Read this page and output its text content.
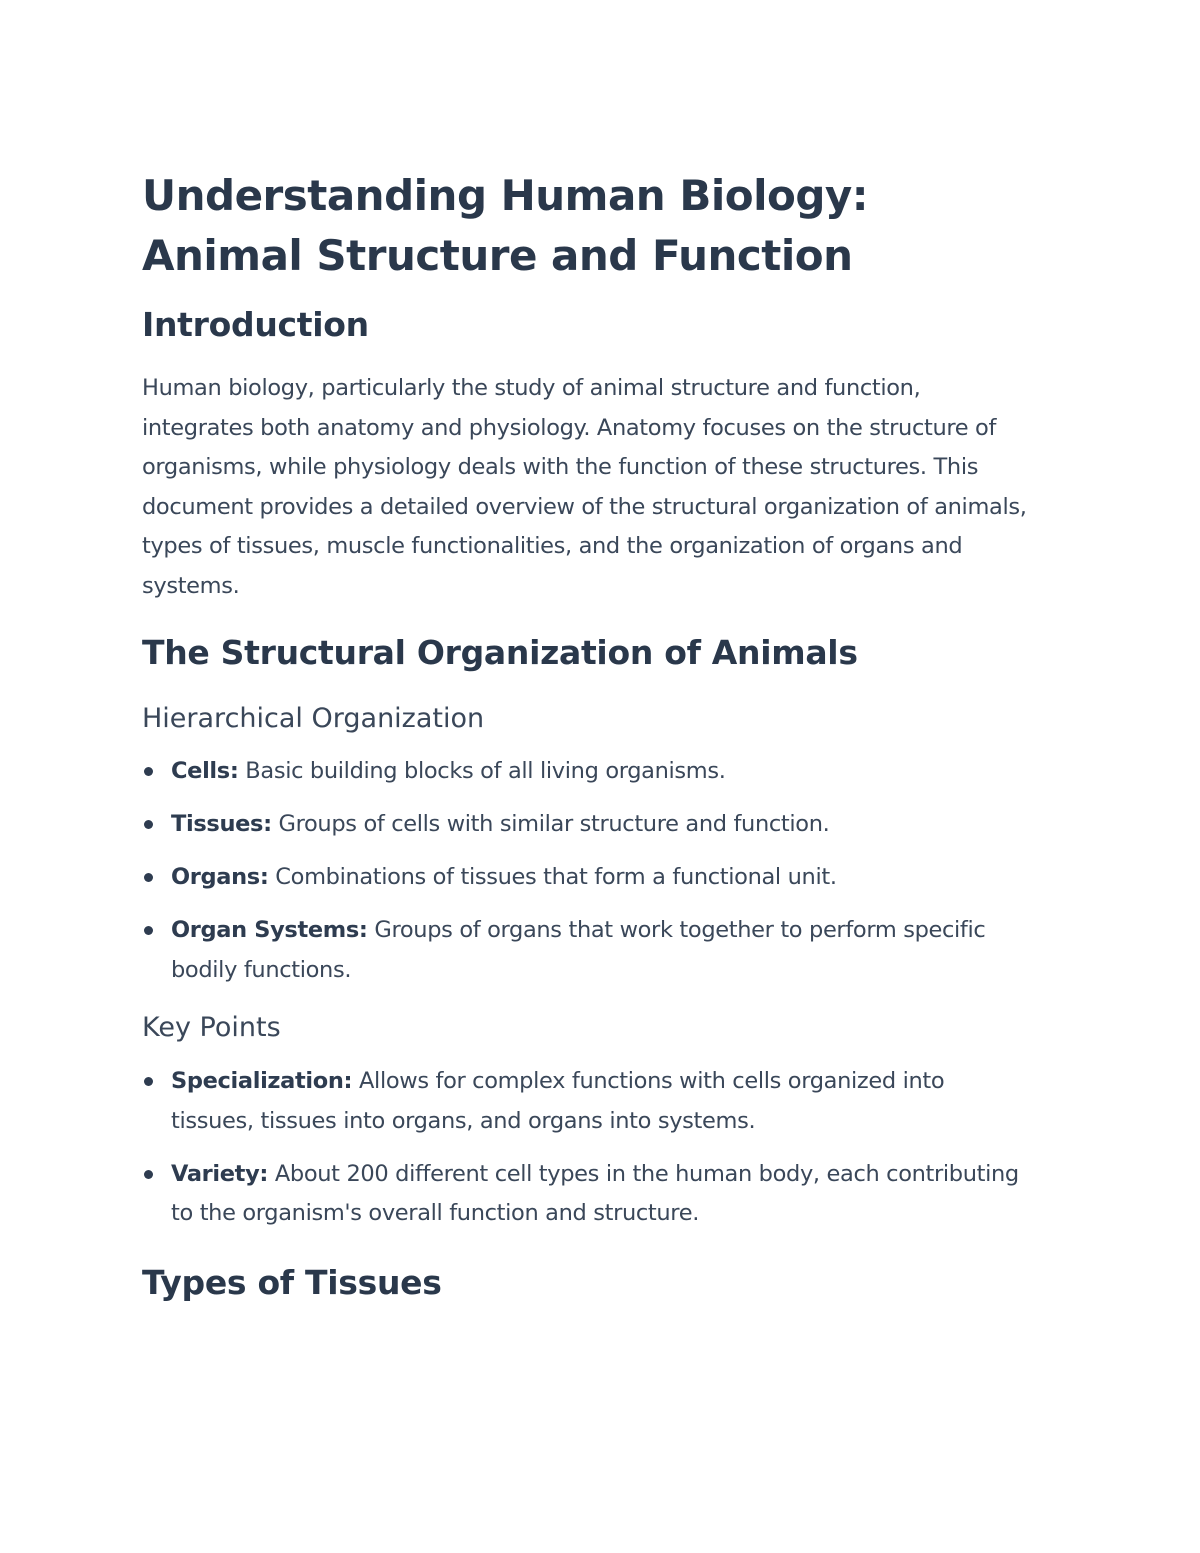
Understanding Human Biology: Animal Structure and Function
Introduction

Human biology, particularly the study of animal structure and function, integrates both anatomy and physiology. Anatomy focuses on the structure of organisms, while physiology deals with the function of these structures. This document provides a detailed overview of the structural organization of animals, types of tissues, muscle functionalities, and the organization of organs and systems.

The Structural Organization of Animals
Hierarchical Organization
Cells: Basic building blocks of all living organisms.
Tissues: Groups of cells with similar structure and function.
Organs: Combinations of tissues that form a functional unit.
Organ Systems: Groups of organs that work together to perform specific bodily functions.
Key Points
Specialization: Allows for complex functions with cells organized into tissues, tissues into organs, and organs into systems.
Variety: About 200 different cell types in the human body, each contributing to the organism's overall function and structure.
Types of Tissues
